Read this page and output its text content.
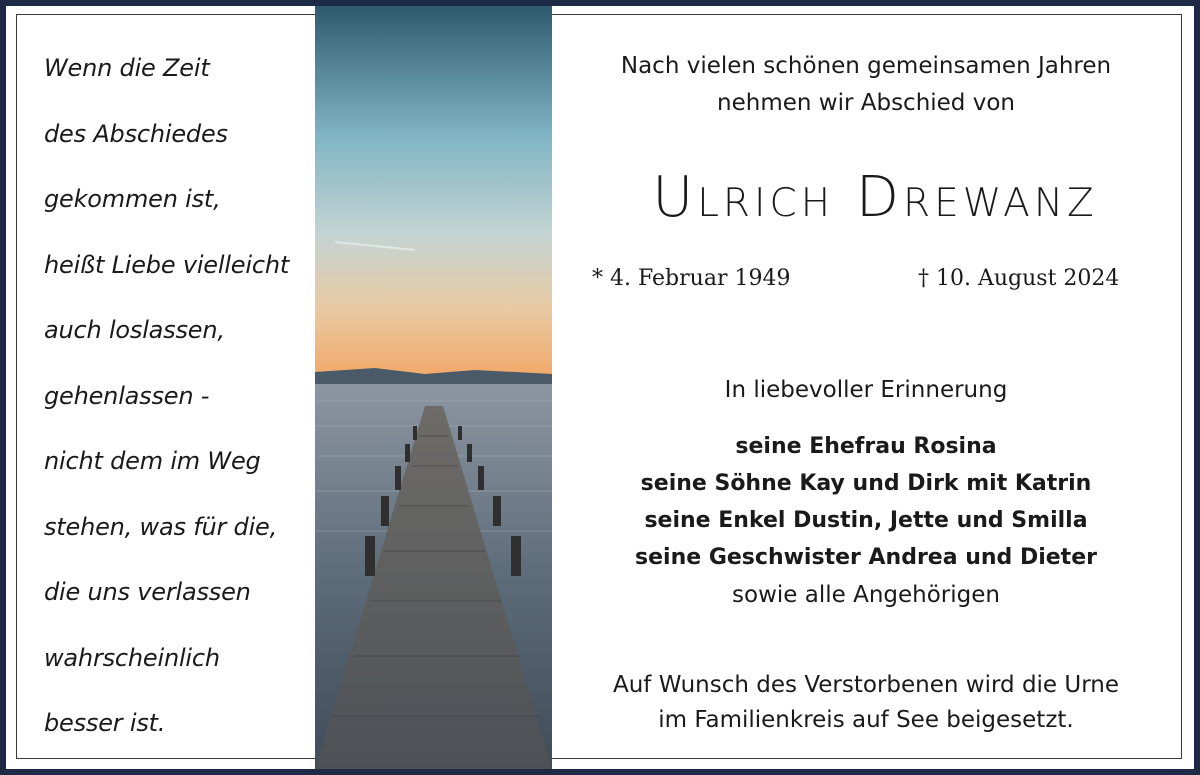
Wenn die Zeit
des Abschiedes
gekommen ist,
heißt Liebe vielleicht
auch loslassen,
gehenlassen -
nicht dem im Weg
stehen, was für die,
die uns verlassen
wahrscheinlich
besser ist.
Nach vielen schönen gemeinsamen Jahren
nehmen wir Abschied von
Ulrich Drewanz
* 4. Februar 1949	† 10. August 2024
In liebevoller Erinnerung
seine Ehefrau Rosina
seine Söhne Kay und Dirk mit Katrin
seine Enkel Dustin, Jette und Smilla
seine Geschwister Andrea und Dieter
sowie alle Angehörigen
Auf Wunsch des Verstorbenen wird die Urne
im Familienkreis auf See beigesetzt.
